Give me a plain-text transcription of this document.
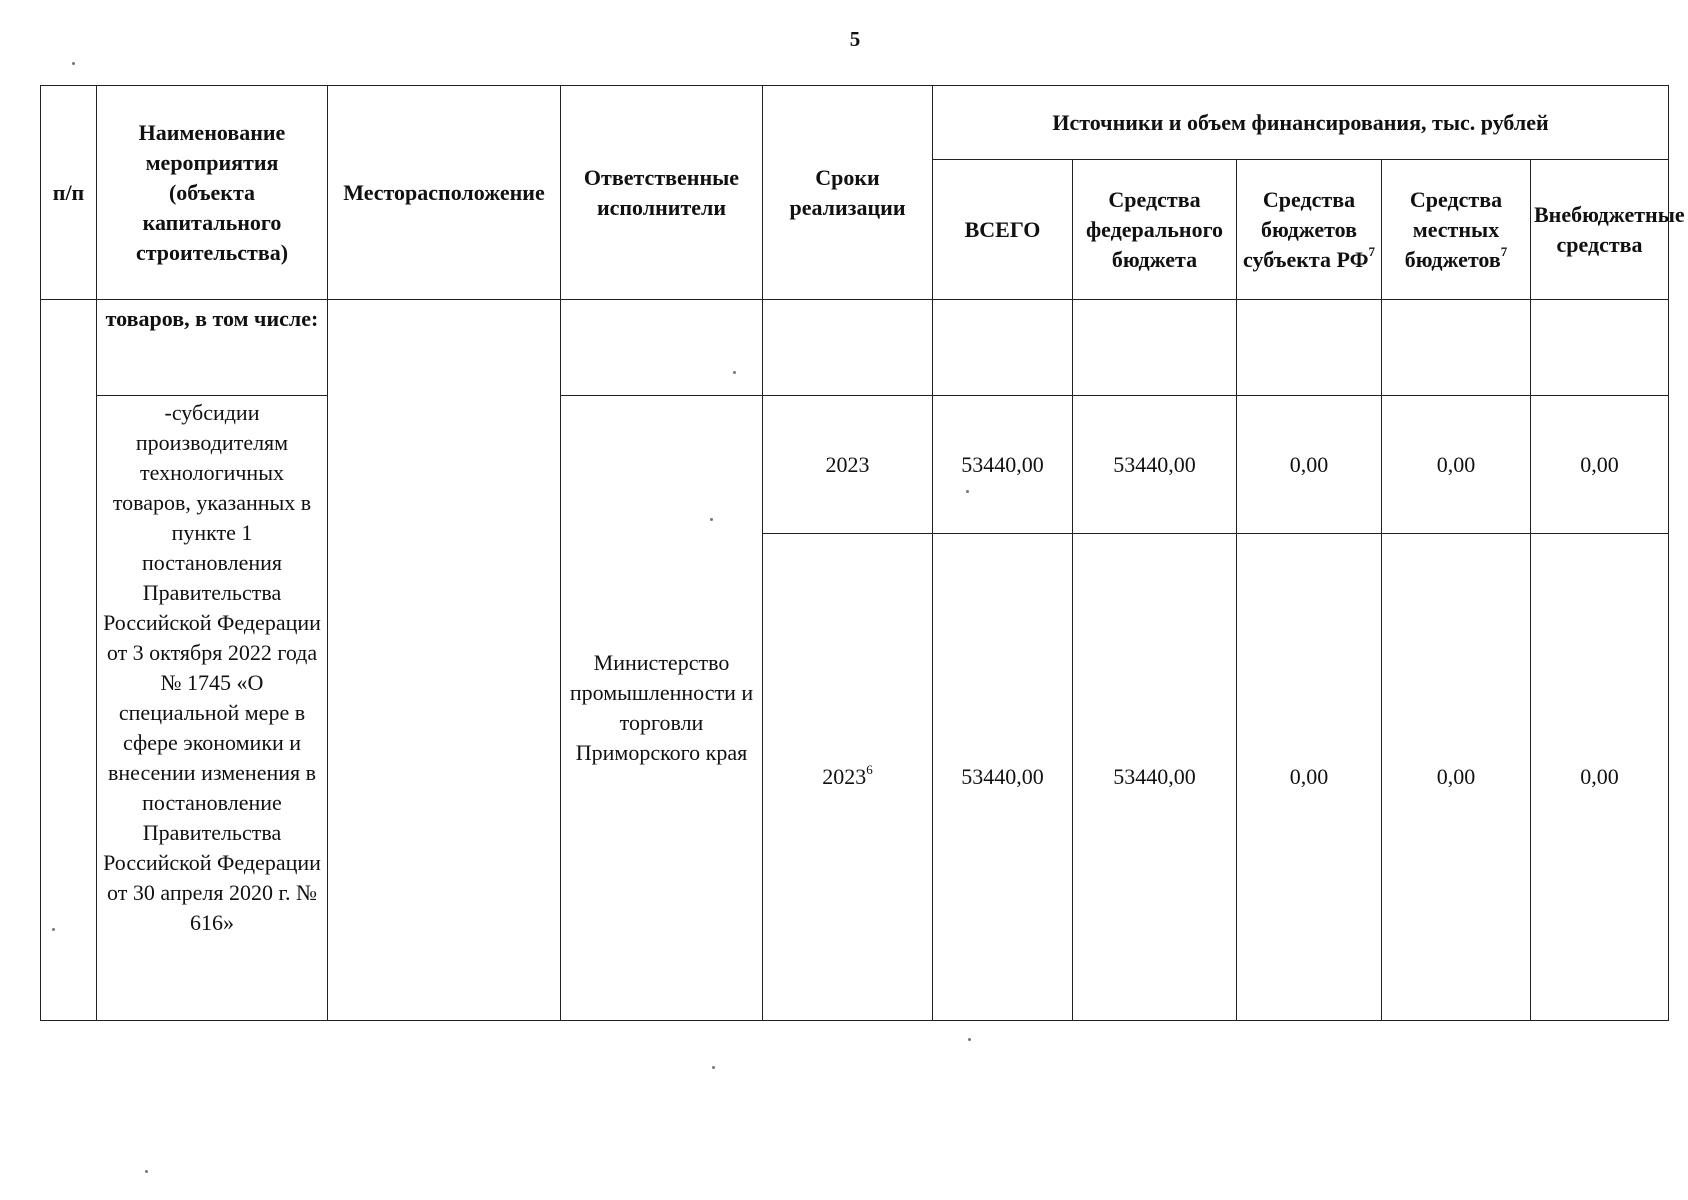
5
п/п	Наименование мероприятия (объекта капитального строительства)	Месторасположение	Ответственные исполнители	Сроки реализации	Источники и объем финансирования, тыс. рублей				
					ВСЕГО	Средства федерального бюджета	Средства бюджетов субъекта $РФ^7$	Средства местных бюджетов$^7$	Внебюджетные средства
	товаров, в том числе:								
	-субсидии производителям технологичных товаров, указанных в пункте 1 постановления Правительства Российской Федерации от 3 октября 2022 года № 1745 «О специальной мере в сфере экономики и внесении изменения в постановление Правительства Российской Федерации от 30 апреля 2020 г. № 616»		Министерство промышленности и торговли Приморского края	2023	53440,00	53440,00	0,00	0,00	0,00
				2023$^6$	53440,00	53440,00	0,00	0,00	0,00
